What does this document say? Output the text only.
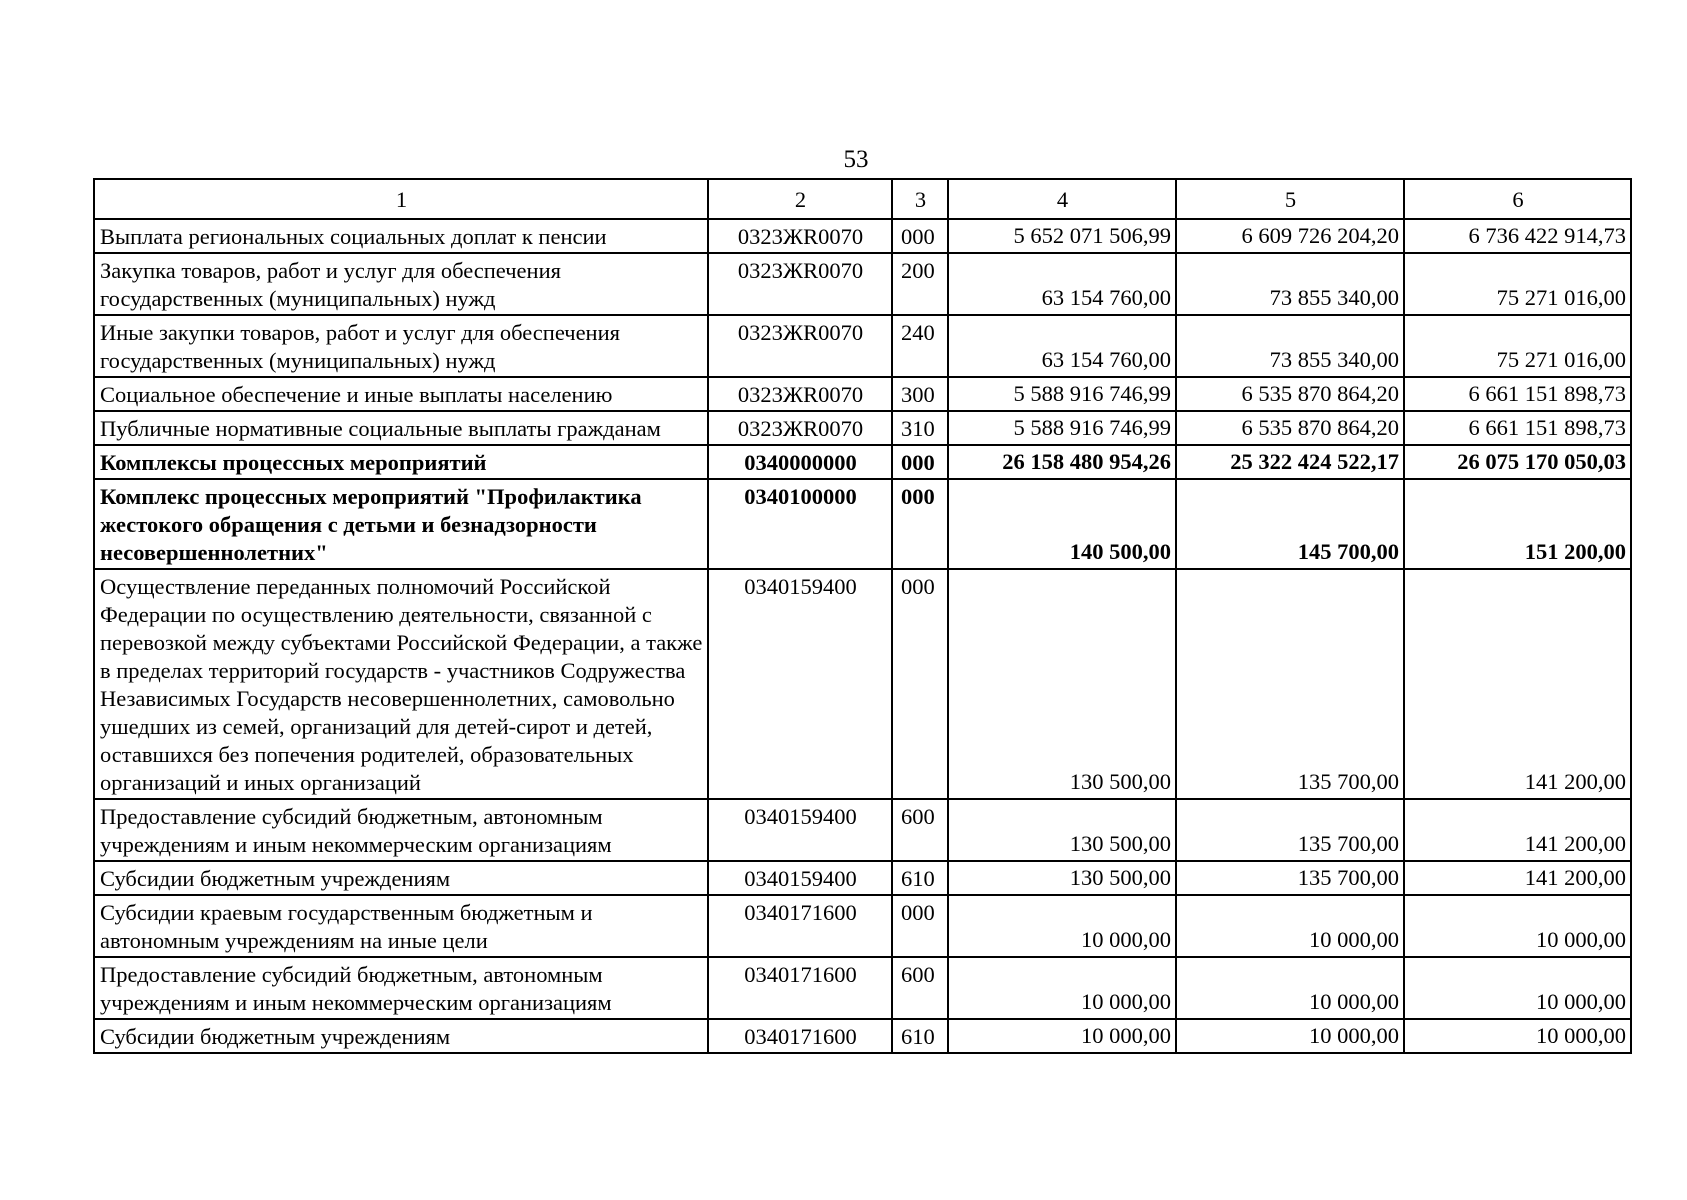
53
1	2	3	4	5	6
Выплата региональных социальных доплат к пенсии	0323ЖR0070	000	5 652 071 506,99	6 609 726 204,20	6 736 422 914,73
Закупка товаров, работ и услуг для обеспечения государственных (муниципальных) нужд	0323ЖR0070	200	63 154 760,00	73 855 340,00	75 271 016,00
Иные закупки товаров, работ и услуг для обеспечения государственных (муниципальных) нужд	0323ЖR0070	240	63 154 760,00	73 855 340,00	75 271 016,00
Социальное обеспечение и иные выплаты населению	0323ЖR0070	300	5 588 916 746,99	6 535 870 864,20	6 661 151 898,73
Публичные нормативные социальные выплаты гражданам	0323ЖR0070	310	5 588 916 746,99	6 535 870 864,20	6 661 151 898,73
Комплексы процессных мероприятий	0340000000	000	26 158 480 954,26	25 322 424 522,17	26 075 170 050,03
Комплекс процессных мероприятий "Профилактика жестокого обращения с детьми и безнадзорности несовершеннолетних"	0340100000	000	140 500,00	145 700,00	151 200,00
Осуществление переданных полномочий Российской Федерации по осуществлению деятельности, связанной с перевозкой между субъектами Российской Федерации, а также в пределах территорий государств - участников Содружества Независимых Государств несовершеннолетних, самовольно ушедших из семей, организаций для детей-сирот и детей, оставшихся без попечения родителей, образовательных организаций и иных организаций	0340159400	000	130 500,00	135 700,00	141 200,00
Предоставление субсидий бюджетным, автономным учреждениям и иным некоммерческим организациям	0340159400	600	130 500,00	135 700,00	141 200,00
Субсидии бюджетным учреждениям	0340159400	610	130 500,00	135 700,00	141 200,00
Субсидии краевым государственным бюджетным и автономным учреждениям на иные цели	0340171600	000	10 000,00	10 000,00	10 000,00
Предоставление субсидий бюджетным, автономным учреждениям и иным некоммерческим организациям	0340171600	600	10 000,00	10 000,00	10 000,00
Субсидии бюджетным учреждениям	0340171600	610	10 000,00	10 000,00	10 000,00
